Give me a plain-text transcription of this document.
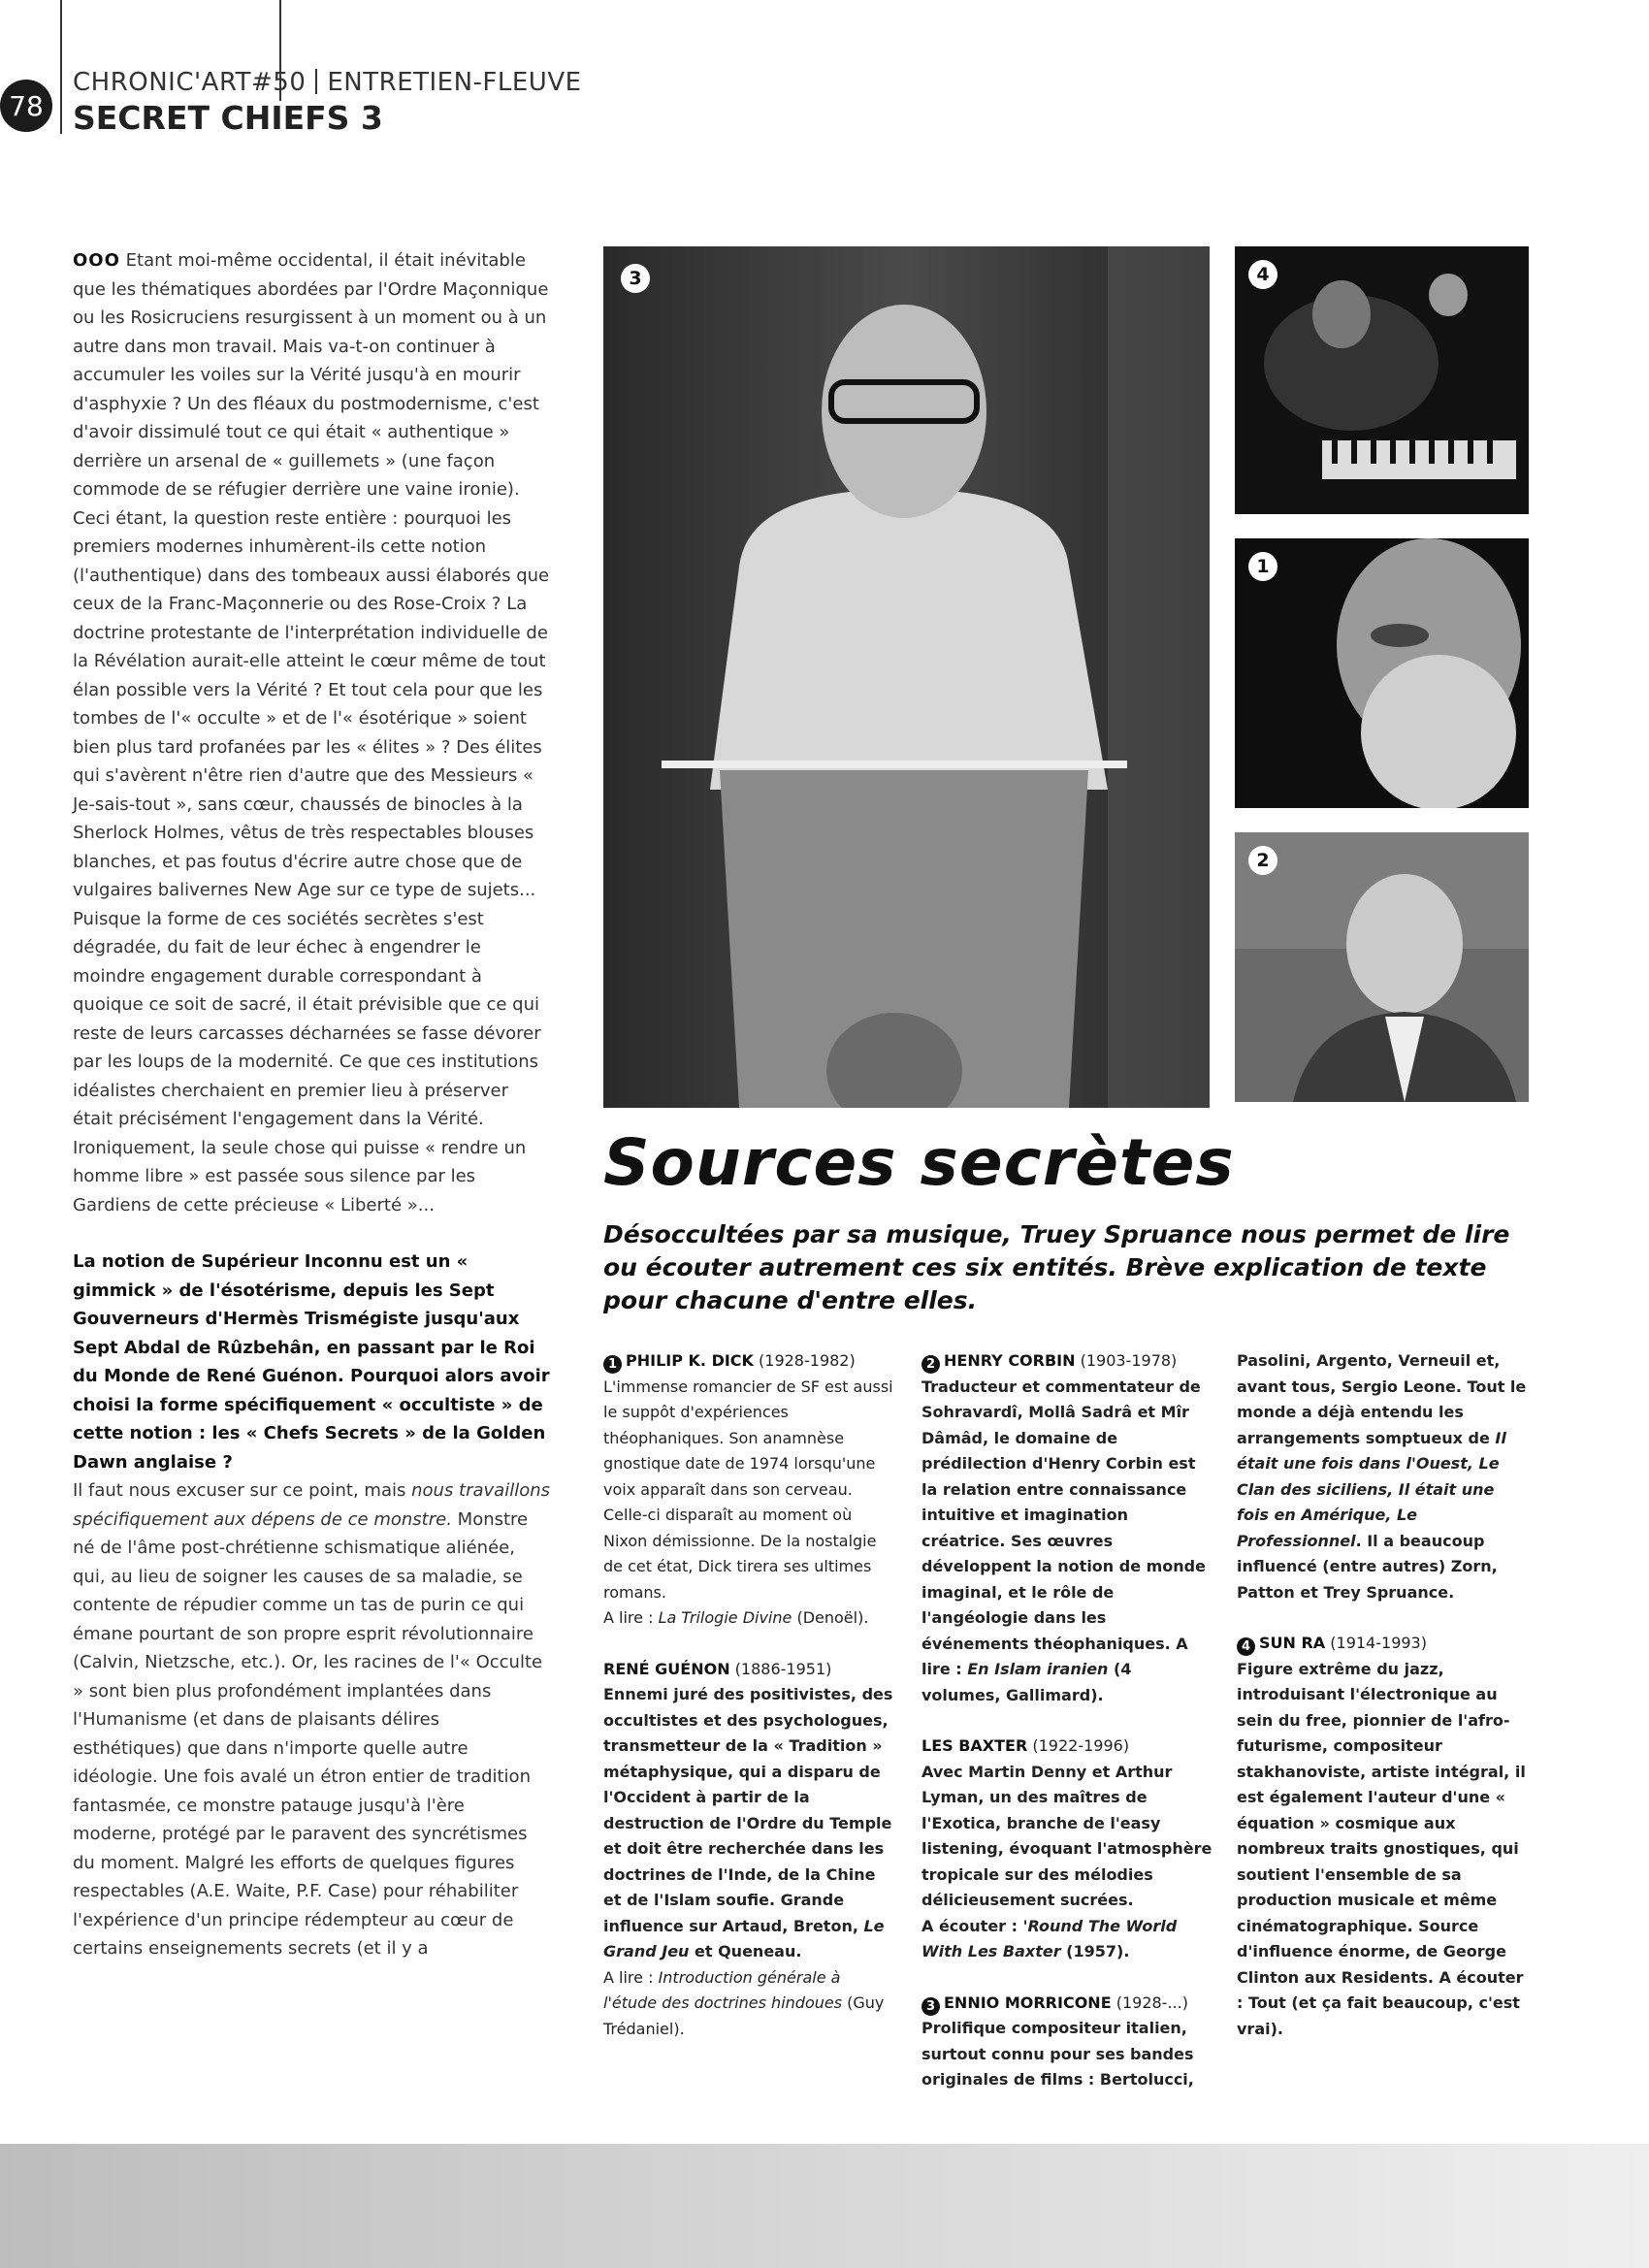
78
CHRONIC'ART#50 ENTRETIEN-FLEUVE
SECRET CHIEFS 3

OOO Etant moi-même occidental, il était inévitable que les thématiques abordées par l'Ordre Maçonnique ou les Rosicruciens resurgissent à un moment ou à un autre dans mon travail. Mais va-t-on continuer à accumuler les voiles sur la Vérité jusqu'à en mourir d'asphyxie ? Un des fléaux du postmodernisme, c'est d'avoir dissimulé tout ce qui était « authentique » derrière un arsenal de « guillemets » (une façon commode de se réfugier derrière une vaine ironie). Ceci étant, la question reste entière : pourquoi les premiers modernes inhumèrent-ils cette notion (l'authentique) dans des tombeaux aussi élaborés que ceux de la Franc-Maçonnerie ou des Rose-Croix ? La doctrine protestante de l'interprétation individuelle de la Révélation aurait-elle atteint le cœur même de tout élan possible vers la Vérité ? Et tout cela pour que les tombes de l'« occulte » et de l'« ésotérique » soient bien plus tard profanées par les « élites » ? Des élites qui s'avèrent n'être rien d'autre que des Messieurs « Je-sais-tout », sans cœur, chaussés de binocles à la Sherlock Holmes, vêtus de très respectables blouses blanches, et pas foutus d'écrire autre chose que de vulgaires balivernes New Age sur ce type de sujets... Puisque la forme de ces sociétés secrètes s'est dégradée, du fait de leur échec à engendrer le moindre engagement durable correspondant à quoique ce soit de sacré, il était prévisible que ce qui reste de leurs carcasses décharnées se fasse dévorer par les loups de la modernité. Ce que ces institutions idéalistes cherchaient en premier lieu à préserver était précisément l'engagement dans la Vérité. Ironiquement, la seule chose qui puisse « rendre un homme libre » est passée sous silence par les Gardiens de cette précieuse « Liberté »...

La notion de Supérieur Inconnu est un « gimmick » de l'ésotérisme, depuis les Sept Gouverneurs d'Hermès Trismégiste jusqu'aux Sept Abdal de Rûzbehân, en passant par le Roi du Monde de René Guénon. Pourquoi alors avoir choisi la forme spécifiquement « occultiste » de cette notion : les « Chefs Secrets » de la Golden Dawn anglaise ?

Il faut nous excuser sur ce point, mais nous travaillons spécifiquement aux dépens de ce monstre. Monstre né de l'âme post-chrétienne schismatique aliénée, qui, au lieu de soigner les causes de sa maladie, se contente de répudier comme un tas de purin ce qui émane pourtant de son propre esprit révolutionnaire (Calvin, Nietzsche, etc.). Or, les racines de l'« Occulte » sont bien plus profondément implantées dans l'Humanisme (et dans de plaisants délires esthétiques) que dans n'importe quelle autre idéologie. Une fois avalé un étron entier de tradition fantasmée, ce monstre patauge jusqu'à l'ère moderne, protégé par le paravent des syncrétismes du moment. Malgré les efforts de quelques figures respectables (A.E. Waite, P.F. Case) pour réhabiliter l'expérience d'un principe rédempteur au cœur de certains enseignements secrets (et il y a

3	4
1
2
Sources secrètes
Désoccultées par sa musique, Truey Spruance nous permet de lire ou écouter autrement ces six entités. Brève explication de texte pour chacune d'entre elles.

1 PHILIP K. DICK (1928-1982)
L'immense romancier de SF est aussi le suppôt d'expériences théophaniques. Son anamnèse gnostique date de 1974 lorsqu'une voix apparaît dans son cerveau. Celle-ci disparaît au moment où Nixon démissionne. De la nostalgie de cet état, Dick tirera ses ultimes romans.
A lire : La Trilogie Divine (Denoël).

RENÉ GUÉNON (1886-1951)
Ennemi juré des positivistes, des occultistes et des psychologues, transmetteur de la « Tradition » métaphysique, qui a disparu de l'Occident à partir de la destruction de l'Ordre du Temple et doit être recherchée dans les doctrines de l'Inde, de la Chine et de l'Islam soufie. Grande influence sur Artaud, Breton, Le Grand Jeu et Queneau.
A lire : Introduction générale à l'étude des doctrines hindoues (Guy Trédaniel).

2 HENRY CORBIN (1903-1978)
Traducteur et commentateur de Sohravardî, Mollâ Sadrâ et Mîr Dâmâd, le domaine de prédilection d'Henry Corbin est la relation entre connaissance intuitive et imagination créatrice. Ses œuvres développent la notion de monde imaginal, et le rôle de l'angéologie dans les événements théophaniques. A lire : En Islam iranien (4 volumes, Gallimard).

LES BAXTER (1922-1996)
Avec Martin Denny et Arthur Lyman, un des maîtres de l'Exotica, branche de l'easy listening, évoquant l'atmosphère tropicale sur des mélodies délicieusement sucrées.
A écouter : 'Round The World With Les Baxter (1957).

3 ENNIO MORRICONE (1928-...)
Prolifique compositeur italien, surtout connu pour ses bandes originales de films : Bertolucci,

Pasolini, Argento, Verneuil et, avant tous, Sergio Leone. Tout le monde a déjà entendu les arrangements somptueux de Il était une fois dans l'Ouest, Le Clan des siciliens, Il était une fois en Amérique, Le Professionnel. Il a beaucoup influencé (entre autres) Zorn, Patton et Trey Spruance.

4 SUN RA (1914-1993)
Figure extrême du jazz, introduisant l'électronique au sein du free, pionnier de l'afro-futurisme, compositeur stakhanoviste, artiste intégral, il est également l'auteur d'une « équation » cosmique aux nombreux traits gnostiques, qui soutient l'ensemble de sa production musicale et même cinématographique. Source d'influence énorme, de George Clinton aux Residents. A écouter : Tout (et ça fait beaucoup, c'est vrai).
